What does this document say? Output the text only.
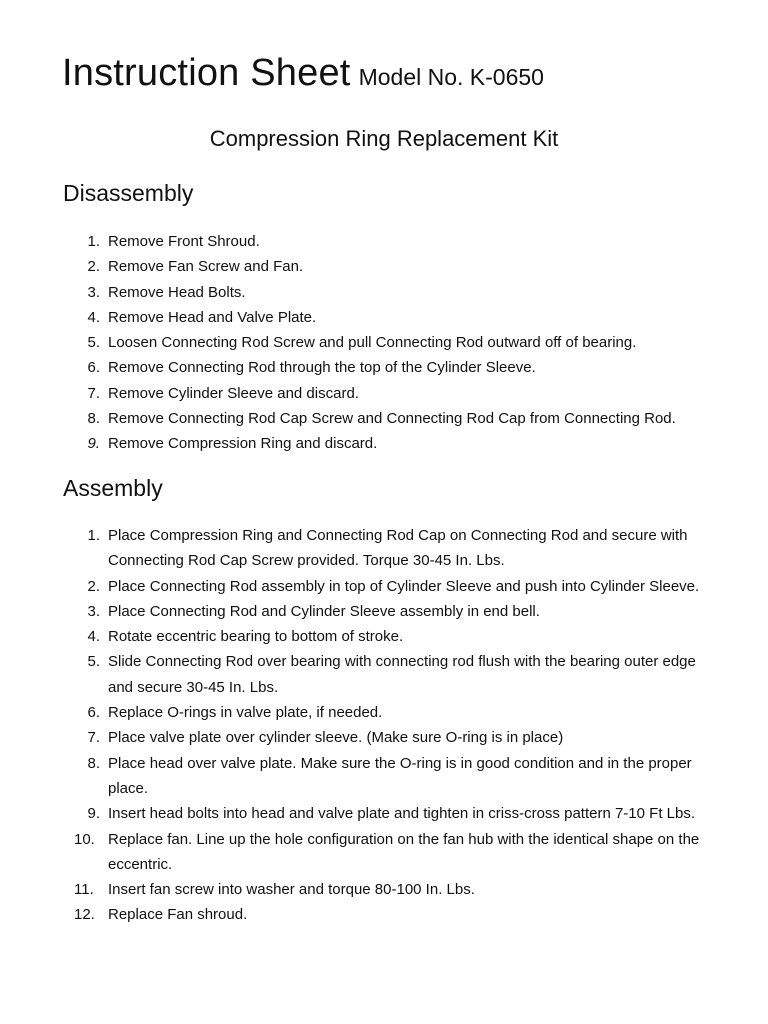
Instruction Sheet Model No. K-0650
Compression Ring Replacement Kit
Disassembly
1. Remove Front Shroud.
2. Remove Fan Screw and Fan.
3. Remove Head Bolts.
4. Remove Head and Valve Plate.
5. Loosen Connecting Rod Screw and pull Connecting Rod outward off of bearing.
6. Remove Connecting Rod through the top of the Cylinder Sleeve.
7. Remove Cylinder Sleeve and discard.
8. Remove Connecting Rod Cap Screw and Connecting Rod Cap from Connecting Rod.
9. Remove Compression Ring and discard.
Assembly
1. Place Compression Ring and Connecting Rod Cap on Connecting Rod and secure with Connecting Rod Cap Screw provided. Torque 30-45 In. Lbs.
2. Place Connecting Rod assembly in top of Cylinder Sleeve and push into Cylinder Sleeve.
3. Place Connecting Rod and Cylinder Sleeve assembly in end bell.
4. Rotate eccentric bearing to bottom of stroke.
5. Slide Connecting Rod over bearing with connecting rod flush with the bearing outer edge and secure 30-45 In. Lbs.
6. Replace O-rings in valve plate, if needed.
7. Place valve plate over cylinder sleeve. (Make sure O-ring is in place)
8. Place head over valve plate. Make sure the O-ring is in good condition and in the proper place.
9. Insert head bolts into head and valve plate and tighten in criss-cross pattern 7-10 Ft Lbs.
10. Replace fan. Line up the hole configuration on the fan hub with the identical shape on the eccentric.
11. Insert fan screw into washer and torque 80-100 In. Lbs.
12. Replace Fan shroud.
